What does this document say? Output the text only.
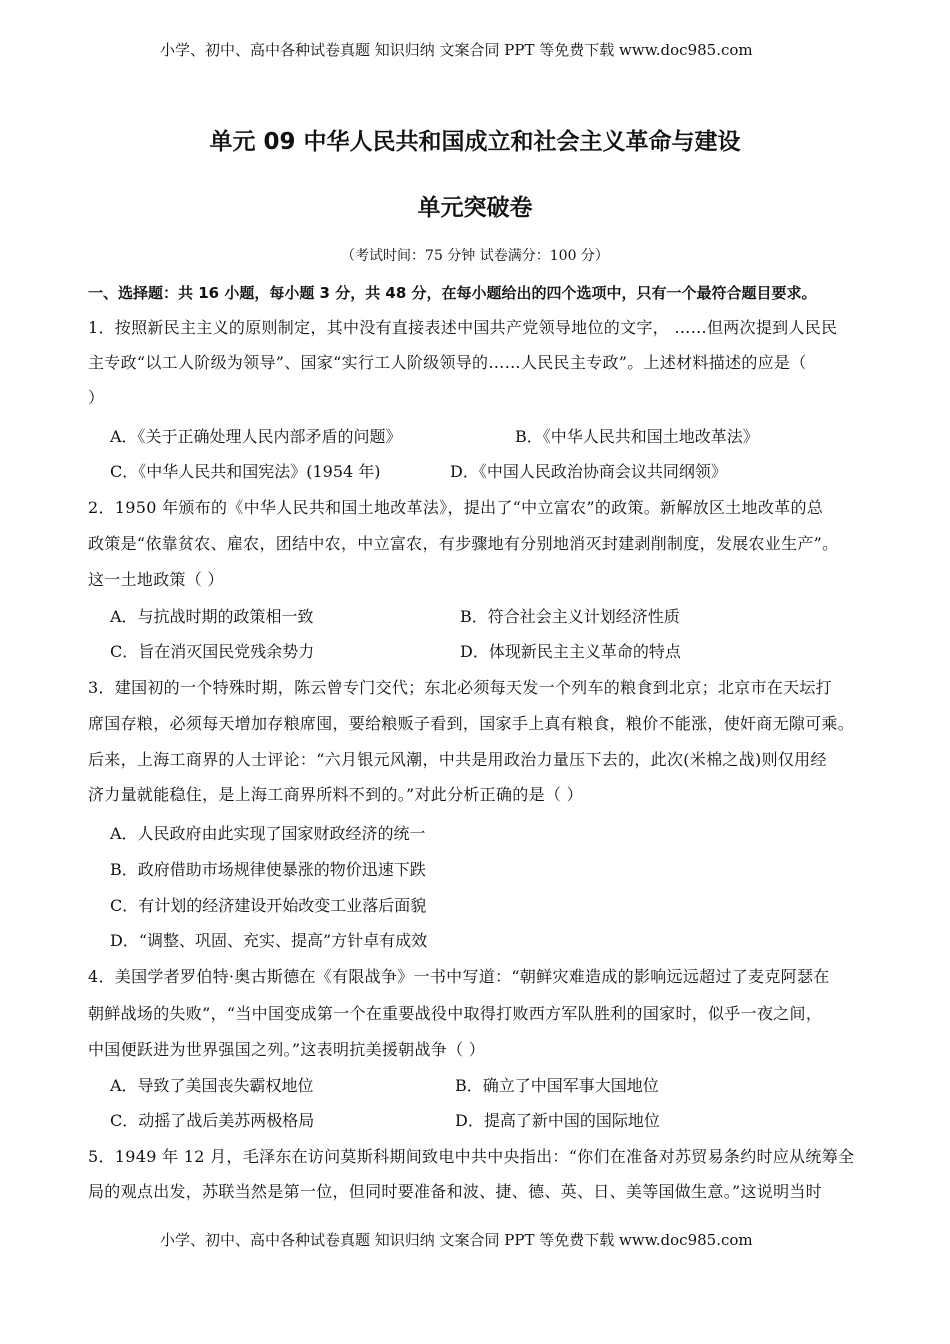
小学、初中、高中各种试卷真题 知识归纳 文案合同 PPT 等免费下载 www.doc985.com
单元 09 中华人民共和国成立和社会主义革命与建设
单元突破卷
（考试时间：75 分钟 试卷满分：100 分）
一、选择题：共 16 小题，每小题 3 分，共 48 分，在每小题给出的四个选项中，只有一个最符合题目要求。
1．按照新民主主义的原则制定，其中没有直接表述中国共产党领导地位的文字， ……但两次提到人民民
主专政“以工人阶级为领导”、国家“实行工人阶级领导的……人民民主专政”。上述材料描述的应是（
）
A．《关于正确处理人民内部矛盾的问题》	B．《中华人民共和国土地改革法》
C．《中华人民共和国宪法》(1954 年)	D．《中国人民政治协商会议共同纲领》
2．1950 年颁布的《中华人民共和国土地改革法》，提出了“中立富农”的政策。新解放区土地改革的总
政策是“依靠贫农、雇农，团结中农，中立富农，有步骤地有分别地消灭封建剥削制度，发展农业生产”。
这一土地政策（ ）
A．与抗战时期的政策相一致	B．符合社会主义计划经济性质
C．旨在消灭国民党残余势力	D．体现新民主主义革命的特点
3．建国初的一个特殊时期，陈云曾专门交代；东北必须每天发一个列车的粮食到北京；北京市在天坛打
席国存粮，必须每天增加存粮席囤，要给粮贩子看到，国家手上真有粮食，粮价不能涨，使奸商无隙可乘。
后来，上海工商界的人士评论：“六月银元风潮，中共是用政治力量压下去的，此次(米棉之战)则仅用经
济力量就能稳住，是上海工商界所料不到的。”对此分析正确的是（ ）
A．人民政府由此实现了国家财政经济的统一
B．政府借助市场规律使暴涨的物价迅速下跌
C．有计划的经济建设开始改变工业落后面貌
D．“调整、巩固、充实、提高”方针卓有成效
4．美国学者罗伯特·奥古斯德在《有限战争》一书中写道：“朝鲜灾难造成的影响远远超过了麦克阿瑟在
朝鲜战场的失败”，“当中国变成第一个在重要战役中取得打败西方军队胜利的国家时，似乎一夜之间，
中国便跃进为世界强国之列。”这表明抗美援朝战争（ ）
A．导致了美国丧失霸权地位	B．确立了中国军事大国地位
C．动摇了战后美苏两极格局	D．提高了新中国的国际地位
5．1949 年 12 月，毛泽东在访问莫斯科期间致电中共中央指出：“你们在准备对苏贸易条约时应从统筹全
局的观点出发，苏联当然是第一位，但同时要准备和波、捷、德、英、日、美等国做生意。”这说明当时
小学、初中、高中各种试卷真题 知识归纳 文案合同 PPT 等免费下载 www.doc985.com
